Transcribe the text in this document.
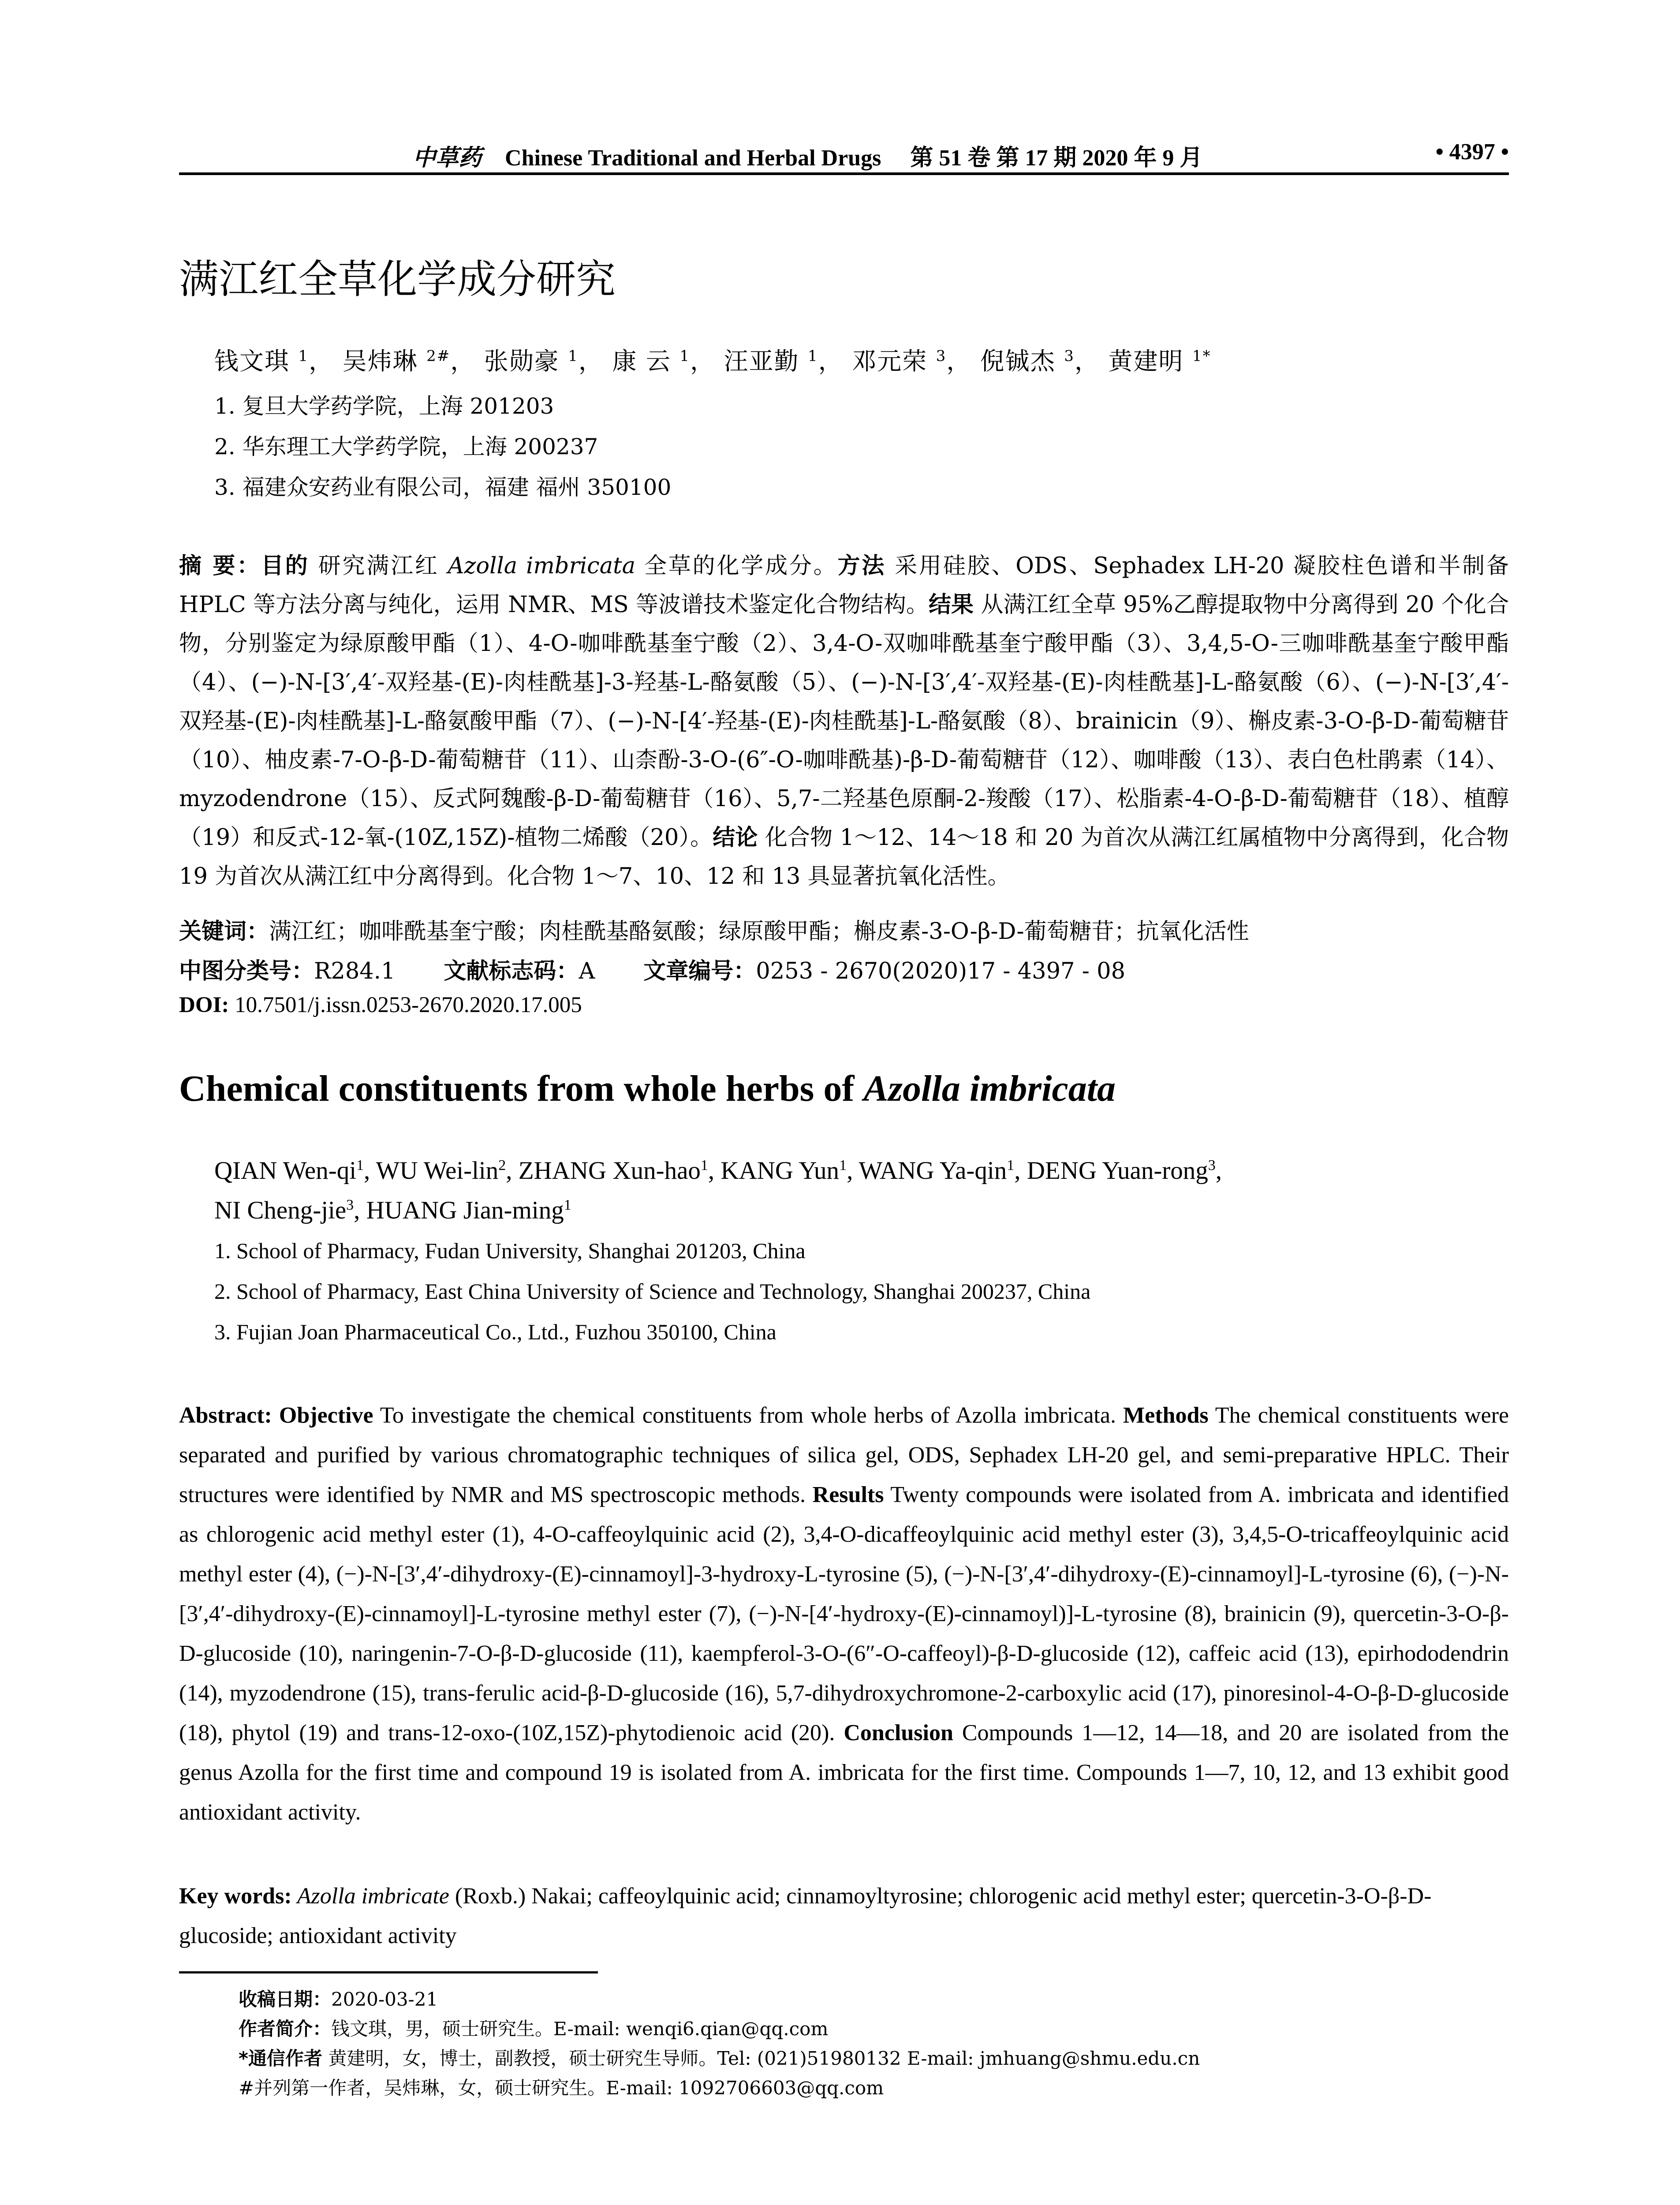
中草药 Chinese Traditional and Herbal Drugs 第 51 卷 第 17 期 2020 年 9 月	• 4397 •
满江红全草化学成分研究
钱文琪 $^1$， 吴炜琳 $^{2\#}$， 张勋豪 $^1$， 康 云 $^1$， 汪亚勤 $^1$， 邓元荣 $^3$， 倪铖杰 $^3$， 黄建明 $^{1*}$
1. 复旦大学药学院，上海 201203
2. 华东理工大学药学院，上海 200237
3. 福建众安药业有限公司，福建 福州 350100

摘 要：目的 研究满江红 Azolla imbricata 全草的化学成分。方法 采用硅胶、ODS、Sephadex LH-20 凝胶柱色谱和半制备 HPLC 等方法分离与纯化，运用 NMR、MS 等波谱技术鉴定化合物结构。结果 从满江红全草 95%乙醇提取物中分离得到 20 个化合物，分别鉴定为绿原酸甲酯（1）、4-O-咖啡酰基奎宁酸（2）、3,4-O-双咖啡酰基奎宁酸甲酯（3）、3,4,5-O-三咖啡酰基奎宁酸甲酯（4）、(−)-N-[3′,4′-双羟基-(E)-肉桂酰基]-3-羟基-L-酪氨酸（5）、(−)-N-[3′,4′-双羟基-(E)-肉桂酰基]-L-酪氨酸（6）、(−)-N-[3′,4′-双羟基-(E)-肉桂酰基]-L-酪氨酸甲酯（7）、(−)-N-[4′-羟基-(E)-肉桂酰基]-L-酪氨酸（8）、brainicin（9）、槲皮素-3-O-β-D-葡萄糖苷（10）、柚皮素-7-O-β-D-葡萄糖苷（11）、山柰酚-3-O-(6″-O-咖啡酰基)-β-D-葡萄糖苷（12）、咖啡酸（13）、表白色杜鹃素（14）、myzodendrone（15）、反式阿魏酸-β-D-葡萄糖苷（16）、5,7-二羟基色原酮-2-羧酸（17）、松脂素-4-O-β-D-葡萄糖苷（18）、植醇（19）和反式-12-氧-(10Z,15Z)-植物二烯酸（20）。结论 化合物 1～12、14～18 和 20 为首次从满江红属植物中分离得到，化合物 19 为首次从满江红中分离得到。化合物 1～7、10、12 和 13 具显著抗氧化活性。

关键词：满江红；咖啡酰基奎宁酸；肉桂酰基酪氨酸；绿原酸甲酯；槲皮素-3-O-β-D-葡萄糖苷；抗氧化活性
中图分类号：R284.1 文献标志码：A 文章编号：0253 - 2670(2020)17 - 4397 - 08
DOI: 10.7501/j.issn.0253-2670.2020.17.005
Chemical constituents from whole herbs of Azolla imbricata
QIAN Wen-$qi^1$, WU Wei-lin$^2$, ZHANG Xun-hao$^1$, KANG Yun$^1$, WANG Ya-qin$^1$, DENG Yuan-rong$^3$,
NI Cheng-jie$^3$, HUANG Jian-ming$^1$
1. School of Pharmacy, Fudan University, Shanghai 201203, China
2. School of Pharmacy, East China University of Science and Technology, Shanghai 200237, China
3. Fujian Joan Pharmaceutical Co., Ltd., Fuzhou 350100, China

Abstract: Objective To investigate the chemical constituents from whole herbs of Azolla imbricata. Methods The chemical constituents were separated and purified by various chromatographic techniques of silica gel, ODS, Sephadex LH-20 gel, and semi-preparative HPLC. Their structures were identified by NMR and MS spectroscopic methods. Results Twenty compounds were isolated from A. imbricata and identified as chlorogenic acid methyl ester (1), 4-O-caffeoylquinic acid (2), 3,4-O-dicaffeoylquinic acid methyl ester (3), 3,4,5-O-tricaffeoylquinic acid methyl ester (4), (−)-N-[3′,4′-dihydroxy-(E)-cinnamoyl]-3-hydroxy-L-tyrosine (5), (−)-N-[3′,4′-dihydroxy-(E)-cinnamoyl]-L-tyrosine (6), (−)-N-[3′,4′-dihydroxy-(E)-cinnamoyl]-L-tyrosine methyl ester (7), (−)-N-[4′-hydroxy-(E)-cinnamoyl)]-L-tyrosine (8), brainicin (9), quercetin-3-O-β-D-glucoside (10), naringenin-7-O-β-D-glucoside (11), kaempferol-3-O-(6″-O-caffeoyl)-β-D-glucoside (12), caffeic acid (13), epirhododendrin (14), myzodendrone (15), trans-ferulic acid-β-D-glucoside (16), 5,7-dihydroxychromone-2-carboxylic acid (17), pinoresinol-4-O-β-D-glucoside (18), phytol (19) and trans-12-oxo-(10Z,15Z)-phytodienoic acid (20). Conclusion Compounds 1—12, 14—18, and 20 are isolated from the genus Azolla for the first time and compound 19 is isolated from A. imbricata for the first time. Compounds 1—7, 10, 12, and 13 exhibit good antioxidant activity.

Key words: Azolla imbricate (Roxb.) Nakai; caffeoylquinic acid; cinnamoyltyrosine; chlorogenic acid methyl ester; quercetin-3-O-β-D-glucoside; antioxidant activity

收稿日期：2020-03-21
作者简介：钱文琪，男，硕士研究生。E-mail: wenqi6.qian@qq.com
*通信作者 黄建明，女，博士，副教授，硕士研究生导师。Tel: (021)51980132 E-mail: jmhuang@shmu.edu.cn
#并列第一作者，吴炜琳，女，硕士研究生。E-mail: 1092706603@qq.com
